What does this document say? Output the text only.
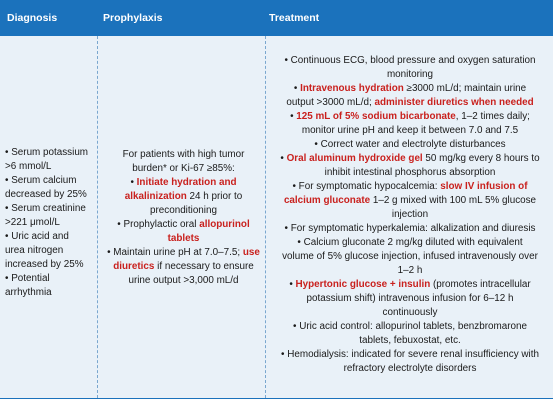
Diagnosis	Prophylaxis	Treatment

• Serum potassium

>6 mmol/L

• Serum calcium

decreased by 25%

• Serum creatinine

>221 μmol/L

• Uric acid and

urea nitrogen

increased by 25%

• Potential

arrhythmia

For patients with high tumor

burden* or Ki-67 ≥85%:

• Initiate hydration and

alkalinization 24 h prior to

preconditioning

• Prophylactic oral allopurinol

tablets

• Maintain urine pH at 7.0–7.5; use

diuretics if necessary to ensure

urine output >3,000 mL/d

• Continuous ECG, blood pressure and oxygen saturation

monitoring

• Intravenous hydration ≥3000 mL/d; maintain urine

output >3000 mL/d; administer diuretics when needed

• 125 mL of 5% sodium bicarbonate, 1–2 times daily;

monitor urine pH and keep it between 7.0 and 7.5

• Correct water and electrolyte disturbances

• Oral aluminum hydroxide gel 50 mg/kg every 8 hours to

inhibit intestinal phosphorus absorption

• For symptomatic hypocalcemia: slow IV infusion of

calcium gluconate 1–2 g mixed with 100 mL 5% glucose

injection

• For symptomatic hyperkalemia: alkalization and diuresis

• Calcium gluconate 2 mg/kg diluted with equivalent

volume of 5% glucose injection, infused intravenously over

1–2 h

• Hypertonic glucose + insulin (promotes intracellular

potassium shift) intravenous infusion for 6–12 h

continuously

• Uric acid control: allopurinol tablets, benzbromarone

tablets, febuxostat, etc.

• Hemodialysis: indicated for severe renal insufficiency with

refractory electrolyte disorders
